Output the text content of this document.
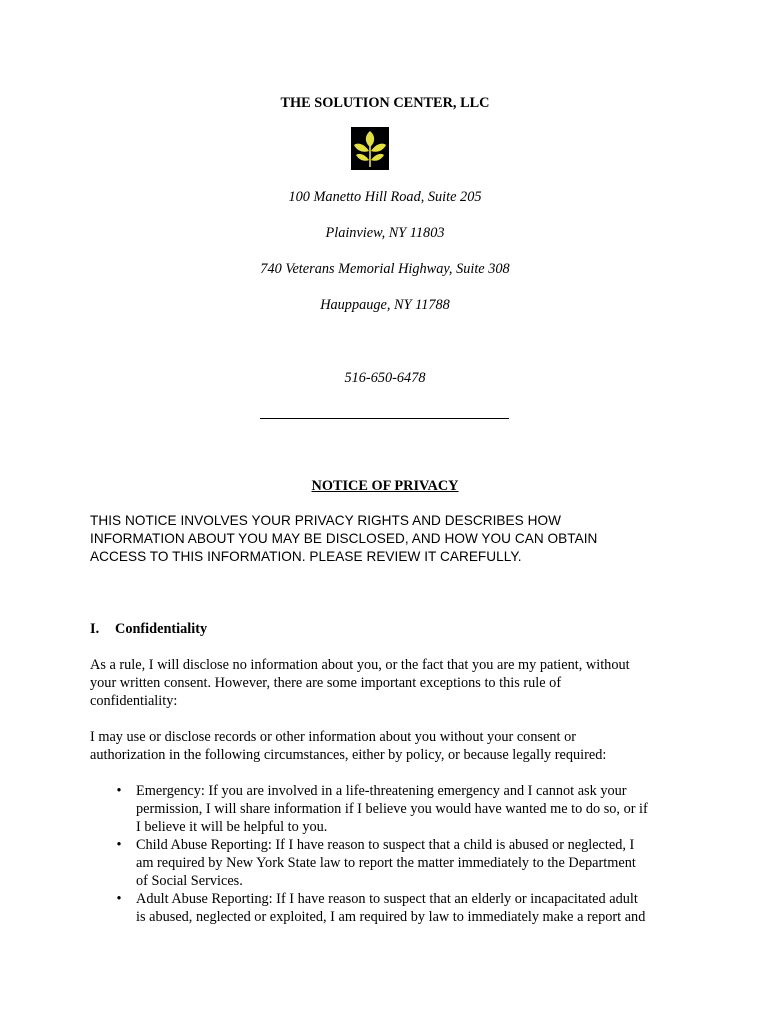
THE SOLUTION CENTER, LLC
100 Manetto Hill Road, Suite 205
Plainview, NY 11803
740 Veterans Memorial Highway, Suite 308
Hauppauge, NY 11788
516-650-6478
NOTICE OF PRIVACY
THIS NOTICE INVOLVES YOUR PRIVACY RIGHTS AND DESCRIBES HOW
INFORMATION ABOUT YOU MAY BE DISCLOSED, AND HOW YOU CAN OBTAIN
ACCESS TO THIS INFORMATION. PLEASE REVIEW IT CAREFULLY.
I. Confidentiality
As a rule, I will disclose no information about you, or the fact that you are my patient, without
your written consent. However, there are some important exceptions to this rule of
confidentiality:
I may use or disclose records or other information about you without your consent or
authorization in the following circumstances, either by policy, or because legally required:
• Emergency: If you are involved in a life-threatening emergency and I cannot ask your
permission, I will share information if I believe you would have wanted me to do so, or if
I believe it will be helpful to you.
• Child Abuse Reporting: If I have reason to suspect that a child is abused or neglected, I
am required by New York State law to report the matter immediately to the Department
of Social Services.
• Adult Abuse Reporting: If I have reason to suspect that an elderly or incapacitated adult
is abused, neglected or exploited, I am required by law to immediately make a report and
